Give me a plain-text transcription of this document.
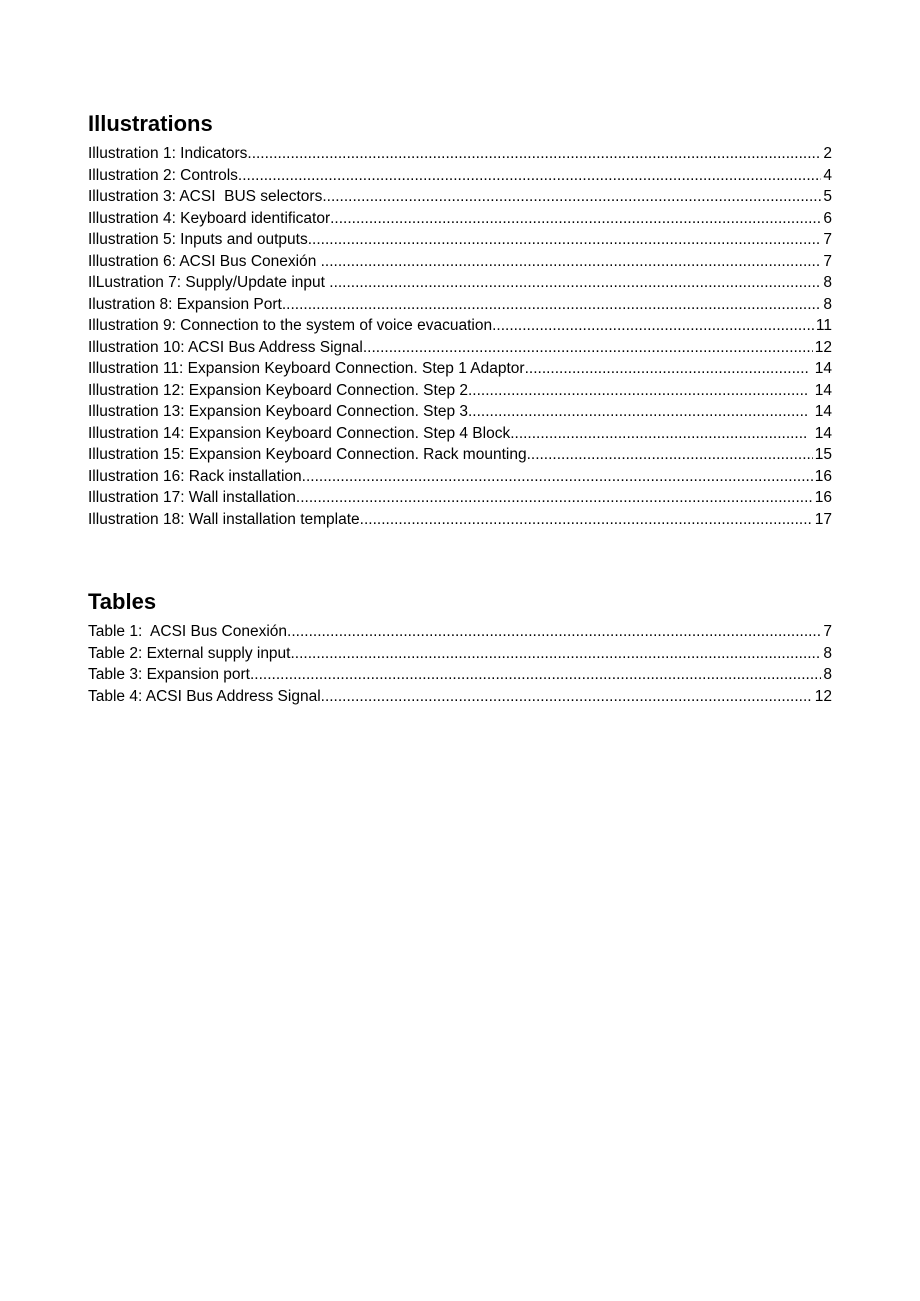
Illustrations
Illustration 1: Indicators .....	2
Illustration 2: Controls .....	4
Illustration 3: ACSI  BUS selectors .....	5
Illustration 4: Keyboard identificator .....	6
Illustration 5: Inputs and outputs .....	7
Illustration 6: ACSI Bus Conexión .....	7
IlLustration 7: Supply/Update input .....	8
Ilustration 8: Expansion Port .....	8
Illustration 9: Connection to the system of voice evacuation .....	11
Illustration 10: ACSI Bus Address Signal .....	12
Illustration 11: Expansion Keyboard Connection. Step 1 Adaptor .....	14
Illustration 12: Expansion Keyboard Connection. Step 2 .....	14
Illustration 13: Expansion Keyboard Connection. Step 3 .....	14
Illustration 14: Expansion Keyboard Connection. Step 4 Block .....	14
Illustration 15: Expansion Keyboard Connection. Rack mounting .....	15
Illustration 16: Rack installation .....	16
Illustration 17: Wall installation .....	16
Illustration 18: Wall installation template .....	17
Tables
Table 1:  ACSI Bus Conexión .....	7
Table 2: External supply input .....	8
Table 3: Expansion port .....	8
Table 4: ACSI Bus Address Signal .....	12
